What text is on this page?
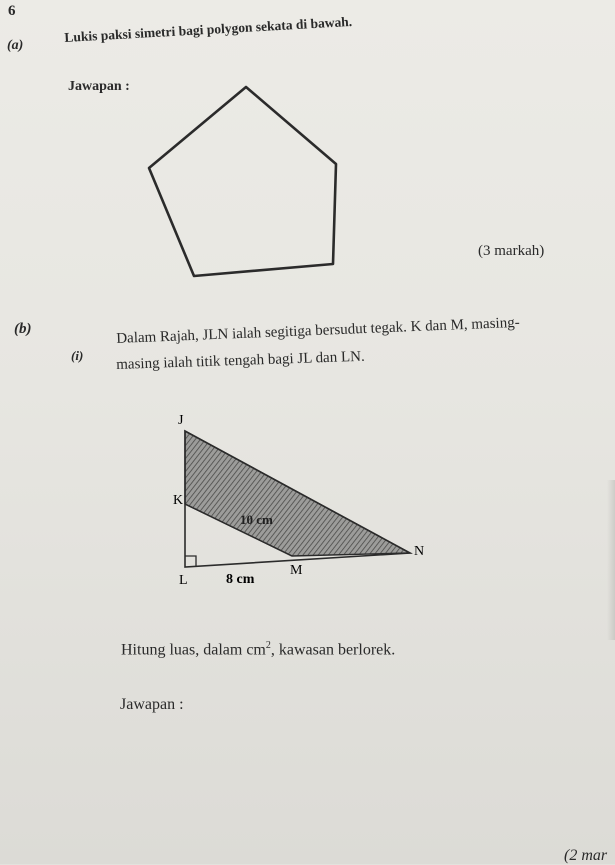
6
(a)
Lukis paksi simetri bagi polygon sekata di bawah.
Jawapan :
J
K
L
M
N
10 cm
8 cm
(3 markah)
(b)
(i)
Dalam Rajah, JLN ialah segitiga bersudut tegak. K dan M, masing-
masing ialah titik tengah bagi JL dan LN.
Hitung luas, dalam $cm^2$, kawasan berlorek.
Jawapan :
(2 mar
